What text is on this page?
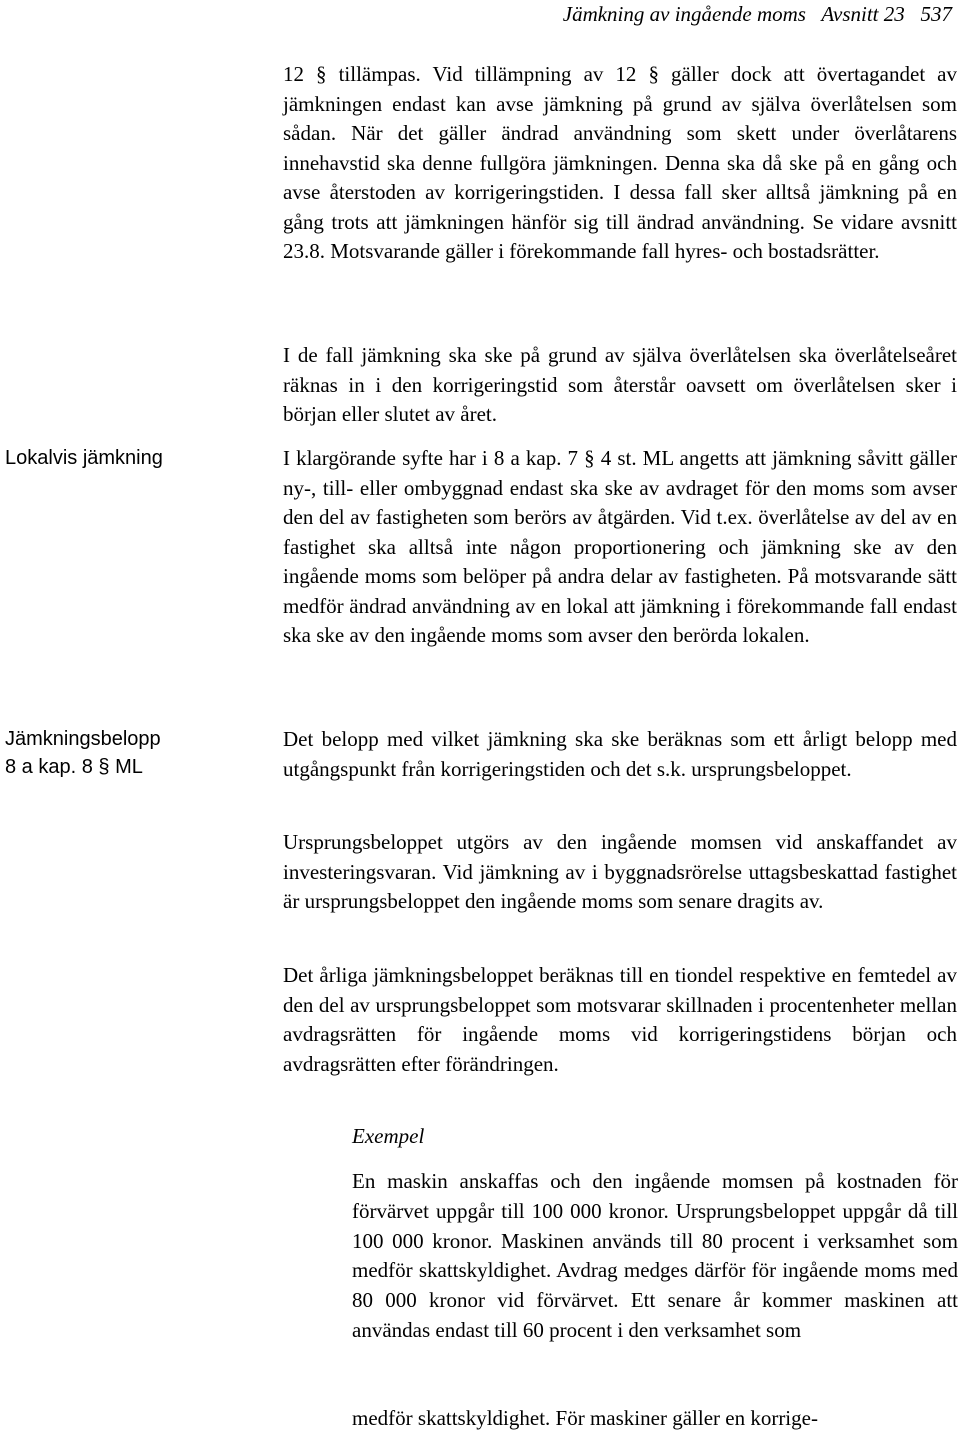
Jämkning av ingående moms Avsnitt 23 537
Lokalvis jämkning
Jämkningsbelopp
8 a kap. 8 § ML
12 § tillämpas. Vid tillämpning av 12 § gäller dock att övertagandet av jämkningen endast kan avse jämkning på grund av själva överlåtelsen som sådan. När det gäller ändrad användning som skett under överlåtarens innehavstid ska denne fullgöra jämkningen. Denna ska då ske på en gång och avse återstoden av korrigeringstiden. I dessa fall sker alltså jämkning på en gång trots att jämkningen hänför sig till ändrad användning. Se vidare avsnitt 23.8. Motsvarande gäller i förekommande fall hyres- och bostadsrätter.
I de fall jämkning ska ske på grund av själva överlåtelsen ska överlåtelseåret räknas in i den korrigeringstid som återstår oavsett om överlåtelsen sker i början eller slutet av året.
I klargörande syfte har i 8 a kap. 7 § 4 st. ML angetts att jämkning såvitt gäller ny-, till- eller ombyggnad endast ska ske av avdraget för den moms som avser den del av fastigheten som berörs av åtgärden. Vid t.ex. överlåtelse av del av en fastighet ska alltså inte någon proportionering och jämkning ske av den ingående moms som belöper på andra delar av fastigheten. På motsvarande sätt medför ändrad användning av en lokal att jämkning i förekommande fall endast ska ske av den ingående moms som avser den berörda lokalen.
Det belopp med vilket jämkning ska ske beräknas som ett årligt belopp med utgångspunkt från korrigeringstiden och det s.k. ursprungsbeloppet.
Ursprungsbeloppet utgörs av den ingående momsen vid anskaffandet av investeringsvaran. Vid jämkning av i byggnadsrörelse uttagsbeskattad fastighet är ursprungsbeloppet den ingående moms som senare dragits av.
Det årliga jämkningsbeloppet beräknas till en tiondel respektive en femtedel av den del av ursprungsbeloppet som motsvarar skillnaden i procentenheter mellan avdragsrätten för ingående moms vid korrigeringstidens början och avdragsrätten efter förändringen.
Exempel
En maskin anskaffas och den ingående momsen på kostnaden för förvärvet uppgår till 100 000 kronor. Ursprungsbeloppet uppgår då till 100 000 kronor. Maskinen används till 80 procent i verksamhet som medför skattskyldighet. Avdrag medges därför för ingående moms med 80 000 kronor vid förvärvet. Ett senare år kommer maskinen att användas endast till 60 procent i den verksamhet som
medför skattskyldighet. För maskiner gäller en korrige-
